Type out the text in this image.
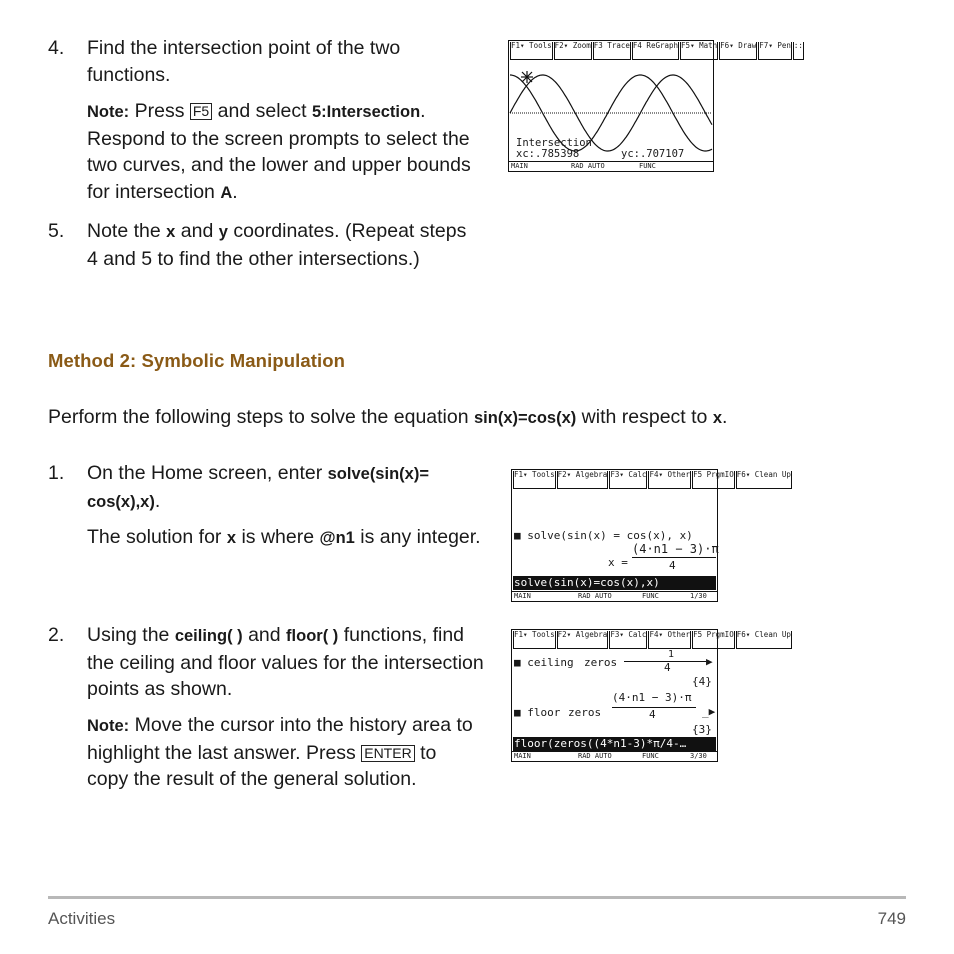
4. Find the intersection point of the two functions.
Note: Press F5 and select 5:Intersection. Respond to the screen prompts to select the two curves, and the lower and upper bounds for intersection A.
5. Note the x and y coordinates. (Repeat steps 4 and 5 to find the other intersections.)
F1▾ Tools F2▾ Zoom F3 Trace F4 ReGraph F5▾ Math F6▾ Draw F7▾ Pen ::
Intersection
xc:.785398	yc:.707107
MAIN	RAD AUTO	FUNC
Method 2: Symbolic Manipulation
Perform the following steps to solve the equation sin(x)=cos(x) with respect to x.
1. On the Home screen, enter solve(sin(x)= cos(x),x).
The solution for x is where @n1 is any integer.
F1▾ Tools F2▾ Algebra F3▾ Calc F4▾ Other F5 PrgmIO F6▾ Clean Up
■ solve(sin(x) = cos(x), x)
x =
(4·n1 − 3)·π
4
solve(sin(x)=cos(x),x)
MAIN	RAD AUTO	FUNC	1/30
2. Using the ceiling( ) and floor( ) functions, find the ceiling and floor values for the intersection points as shown.
Note: Move the cursor into the history area to highlight the last answer. Press ENTER to copy the result of the general solution.
F1▾ Tools F2▾ Algebra F3▾ Calc F4▾ Other F5 PrgmIO F6▾ Clean Up
■ ceiling zeros
1
4	▶
{4}
■ floor zeros
(4·n1 − 3)·π
4	_▶
{3}
floor(zeros((4*n1-3)*π/4-…
MAIN	RAD AUTO	FUNC	3/30
Activities	749
